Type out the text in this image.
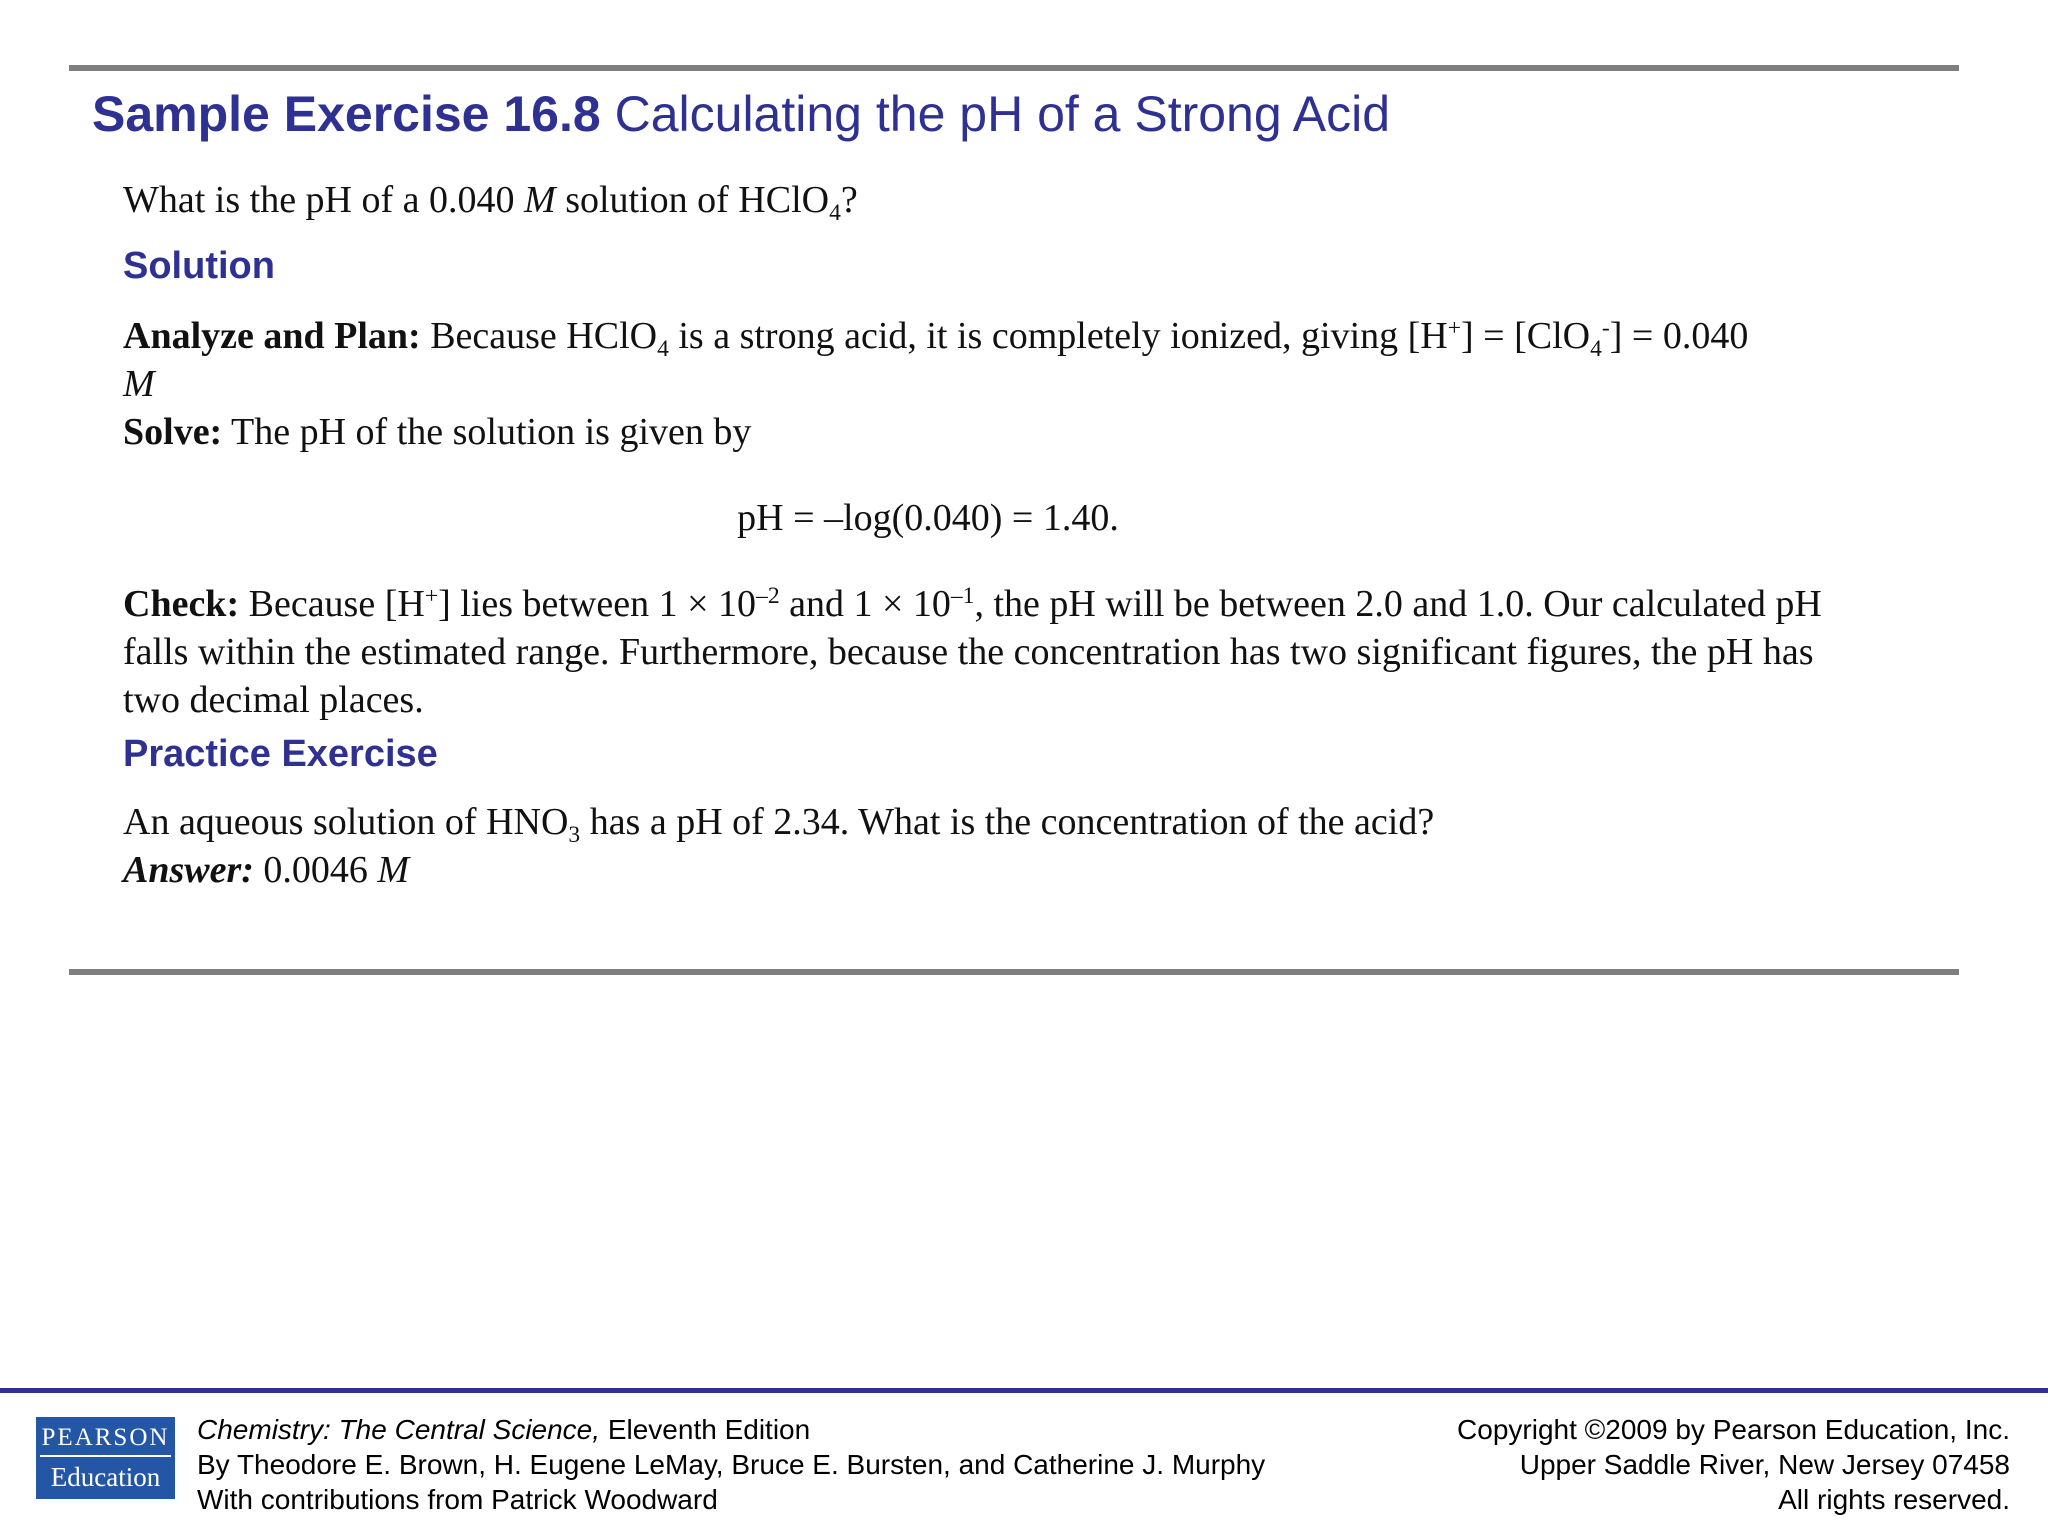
Sample Exercise 16.8 Calculating the pH of a Strong Acid

What is the pH of a 0.040 M solution of HClO$_4$?

Solution

Analyze and Plan: Because HClO$_4$ is a strong acid, it is completely ionized, giving [H+] = [ClO$_4$-] = 0.040
M

Solve: The pH of the solution is given by

pH = –log(0.040) = 1.40.

Check: Because [H+] lies between $1 \times 10^{-2}$ and $1 \times 10^{-1}$, the pH will be between 2.0 and 1.0. Our calculated pH falls within the estimated range. Furthermore, because the concentration has two significant figures, the pH has two decimal places.

Practice Exercise

An aqueous solution of $HNO_3$ has a pH of 2.34. What is the concentration of the acid?

Answer: 0.0046 M

PEARSON
Education
Chemistry: The Central Science, Eleventh Edition
By Theodore E. Brown, H. Eugene LeMay, Bruce E. Bursten, and Catherine J. Murphy
With contributions from Patrick Woodward
Copyright ©2009 by Pearson Education, Inc.
Upper Saddle River, New Jersey 07458
All rights reserved.
